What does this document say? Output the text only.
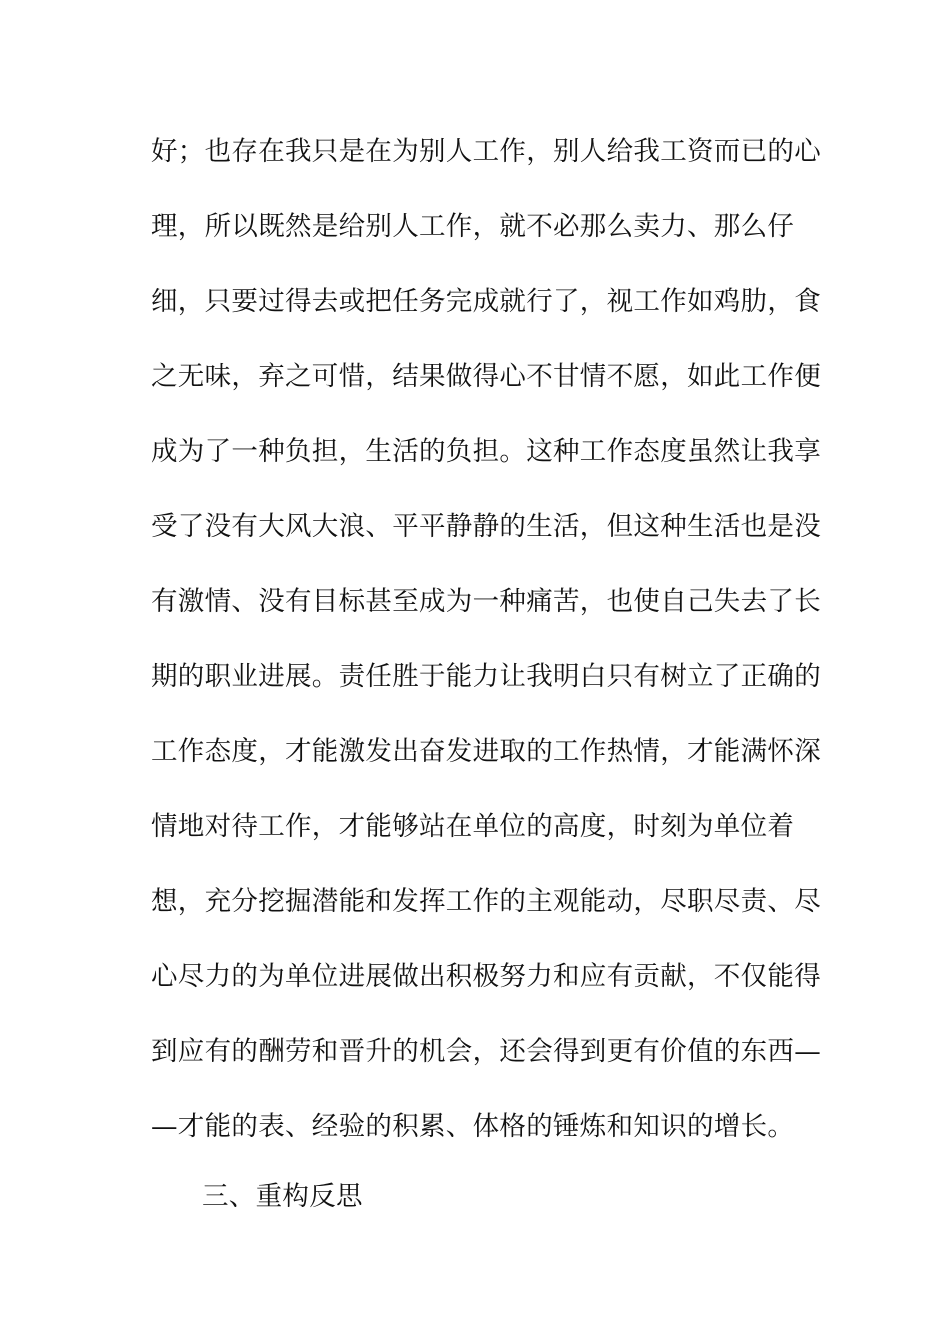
好；也存在我只是在为别人工作，别人给我工资而已的心
理，所以既然是给别人工作，就不必那么卖力、那么仔
细，只要过得去或把任务完成就行了，视工作如鸡肋，食
之无味，弃之可惜，结果做得心不甘情不愿，如此工作便
成为了一种负担，生活的负担。这种工作态度虽然让我享
受了没有大风大浪、平平静静的生活，但这种生活也是没
有激情、没有目标甚至成为一种痛苦，也使自己失去了长
期的职业进展。责任胜于能力让我明白只有树立了正确的
工作态度，才能激发出奋发进取的工作热情，才能满怀深
情地对待工作，才能够站在单位的高度，时刻为单位着
想，充分挖掘潜能和发挥工作的主观能动，尽职尽责、尽
心尽力的为单位进展做出积极努力和应有贡献，不仅能得
到应有的酬劳和晋升的机会，还会得到更有价值的东西—
—才能的表、经验的积累、体格的锤炼和知识的增长。
三、重构反思
